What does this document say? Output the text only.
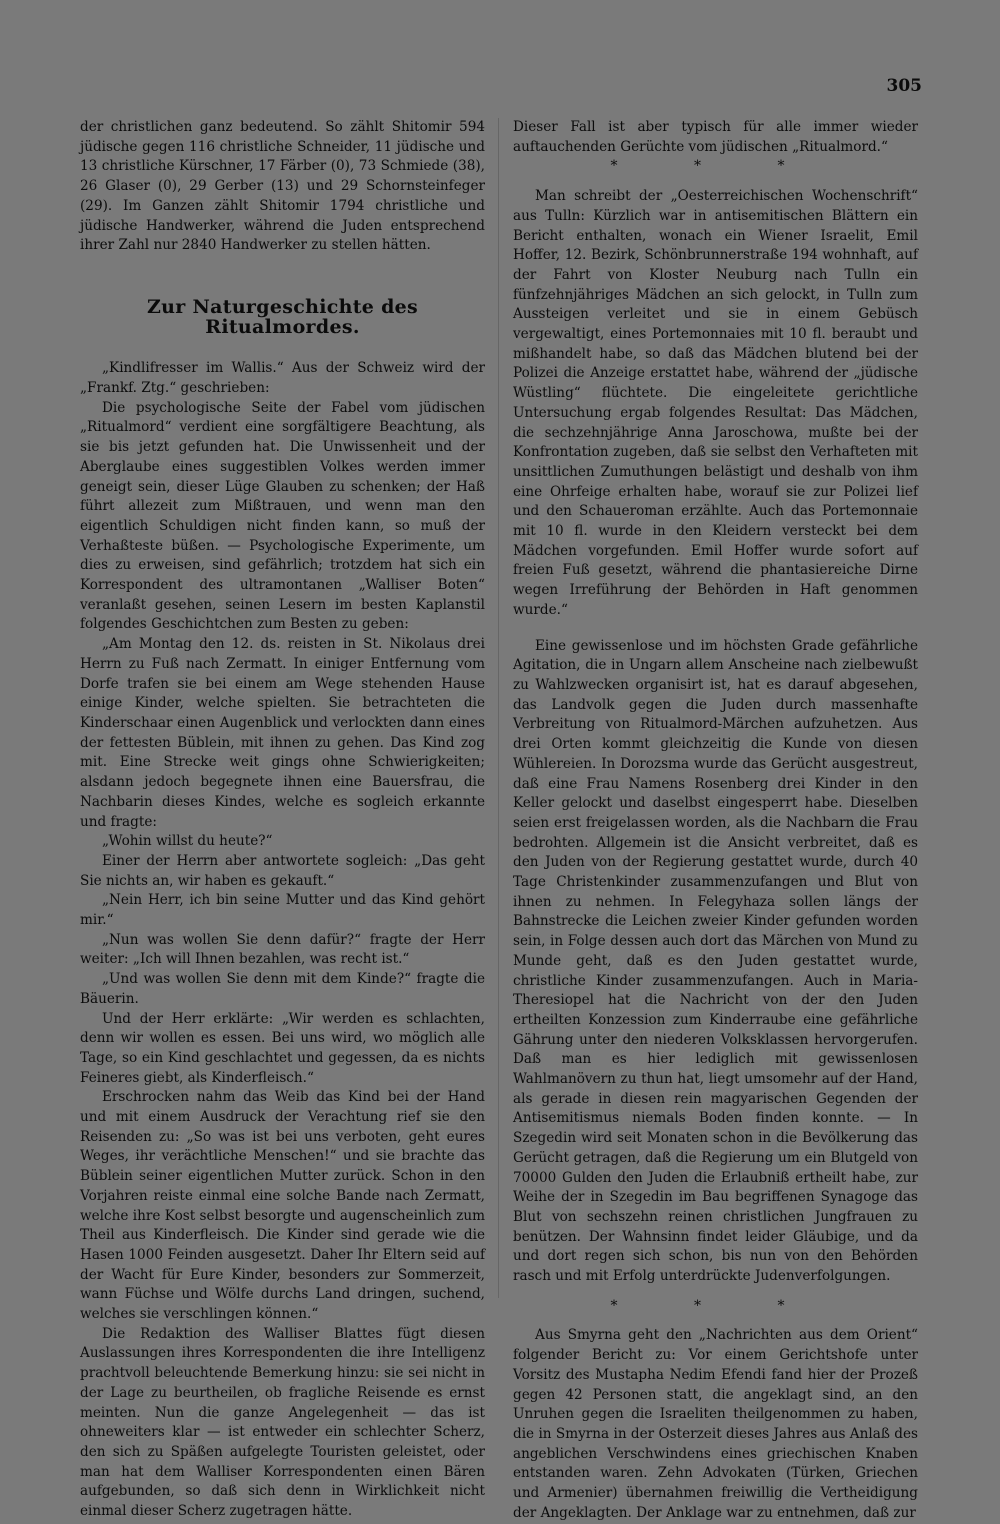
305

der christlichen ganz bedeutend. So zählt Shitomir 594 jüdische gegen 116 christliche Schneider, 11 jüdische und 13 christliche Kürschner, 17 Färber (0), 73 Schmiede (38), 26 Glaser (0), 29 Gerber (13) und 29 Schornsteinfeger (29). Im Ganzen zählt Shitomir 1794 christliche und jüdische Handwerker, während die Juden entsprechend ihrer Zahl nur 2840 Handwerker zu stellen hätten.

Zur Naturgeschichte des Ritualmordes.

„Kindlifresser im Wallis.“ Aus der Schweiz wird der „Frankf. Ztg.“ geschrieben:

Die psychologische Seite der Fabel vom jüdischen „Ritualmord“ verdient eine sorgfältigere Beachtung, als sie bis jetzt gefunden hat. Die Unwissenheit und der Aberglaube eines suggestiblen Volkes werden immer geneigt sein, dieser Lüge Glauben zu schenken; der Haß führt allezeit zum Mißtrauen, und wenn man den eigentlich Schuldigen nicht finden kann, so muß der Verhaßteste büßen. — Psychologische Experimente, um dies zu erweisen, sind gefährlich; trotzdem hat sich ein Korrespondent des ultramontanen „Walliser Boten“ veranlaßt gesehen, seinen Lesern im besten Kaplanstil folgendes Geschichtchen zum Besten zu geben:

„Am Montag den 12. ds. reisten in St. Nikolaus drei Herrn zu Fuß nach Zermatt. In einiger Entfernung vom Dorfe trafen sie bei einem am Wege stehenden Hause einige Kinder, welche spielten. Sie betrachteten die Kinderschaar einen Augenblick und verlockten dann eines der fettesten Büblein, mit ihnen zu gehen. Das Kind zog mit. Eine Strecke weit gings ohne Schwierigkeiten; alsdann jedoch begegnete ihnen eine Bauersfrau, die Nachbarin dieses Kindes, welche es sogleich erkannte und fragte:

„Wohin willst du heute?“

Einer der Herrn aber antwortete sogleich: „Das geht Sie nichts an, wir haben es gekauft.“

„Nein Herr, ich bin seine Mutter und das Kind gehört mir.“

„Nun was wollen Sie denn dafür?“ fragte der Herr weiter: „Ich will Ihnen bezahlen, was recht ist.“

„Und was wollen Sie denn mit dem Kinde?“ fragte die Bäuerin.

Und der Herr erklärte: „Wir werden es schlachten, denn wir wollen es essen. Bei uns wird, wo möglich alle Tage, so ein Kind geschlachtet und gegessen, da es nichts Feineres giebt, als Kinderfleisch.“

Erschrocken nahm das Weib das Kind bei der Hand und mit einem Ausdruck der Verachtung rief sie den Reisenden zu: „So was ist bei uns verboten, geht eures Weges, ihr verächtliche Menschen!“ und sie brachte das Büblein seiner eigentlichen Mutter zurück. Schon in den Vorjahren reiste einmal eine solche Bande nach Zermatt, welche ihre Kost selbst besorgte und augenscheinlich zum Theil aus Kinderfleisch. Die Kinder sind gerade wie die Hasen 1000 Feinden ausgesetzt. Daher Ihr Eltern seid auf der Wacht für Eure Kinder, besonders zur Sommerzeit, wann Füchse und Wölfe durchs Land dringen, suchend, welches sie verschlingen können.“

Die Redaktion des Walliser Blattes fügt diesen Auslassungen ihres Korrespondenten die ihre Intelligenz prachtvoll beleuchtende Bemerkung hinzu: sie sei nicht in der Lage zu beurtheilen, ob fragliche Reisende es ernst meinten. Nun die ganze Angelegenheit — das ist ohneweiters klar — ist entweder ein schlechter Scherz, den sich zu Späßen aufgelegte Touristen geleistet, oder man hat dem Walliser Korrespondenten einen Bären aufgebunden, so daß sich denn in Wirklichkeit nicht einmal dieser Scherz zugetragen hätte.

Dieser Fall ist aber typisch für alle immer wieder auftauchenden Gerüchte vom jüdischen „Ritualmord.“

* * *

Man schreibt der „Oesterreichischen Wochenschrift“ aus Tulln: Kürzlich war in antisemitischen Blättern ein Bericht enthalten, wonach ein Wiener Israelit, Emil Hoffer, 12. Bezirk, Schönbrunnerstraße 194 wohnhaft, auf der Fahrt von Kloster Neuburg nach Tulln ein fünfzehnjähriges Mädchen an sich gelockt, in Tulln zum Aussteigen verleitet und sie in einem Gebüsch vergewaltigt, eines Portemonnaies mit 10 fl. beraubt und mißhandelt habe, so daß das Mädchen blutend bei der Polizei die Anzeige erstattet habe, während der „jüdische Wüstling“ flüchtete. Die eingeleitete gerichtliche Untersuchung ergab folgendes Resultat: Das Mädchen, die sechzehnjährige Anna Jaroschowa, mußte bei der Konfrontation zugeben, daß sie selbst den Verhafteten mit unsittlichen Zumuthungen belästigt und deshalb von ihm eine Ohrfeige erhalten habe, worauf sie zur Polizei lief und den Schaueroman erzählte. Auch das Portemonnaie mit 10 fl. wurde in den Kleidern versteckt bei dem Mädchen vorgefunden. Emil Hoffer wurde sofort auf freien Fuß gesetzt, während die phantasiereiche Dirne wegen Irreführung der Behörden in Haft genommen wurde.“

Eine gewissenlose und im höchsten Grade gefährliche Agitation, die in Ungarn allem Anscheine nach zielbewußt zu Wahlzwecken organisirt ist, hat es darauf abgesehen, das Landvolk gegen die Juden durch massenhafte Verbreitung von Ritualmord-Märchen aufzuhetzen. Aus drei Orten kommt gleichzeitig die Kunde von diesen Wühlereien. In Dorozsma wurde das Gerücht ausgestreut, daß eine Frau Namens Rosenberg drei Kinder in den Keller gelockt und daselbst eingesperrt habe. Dieselben seien erst freigelassen worden, als die Nachbarn die Frau bedrohten. Allgemein ist die Ansicht verbreitet, daß es den Juden von der Regierung gestattet wurde, durch 40 Tage Christenkinder zusammenzufangen und Blut von ihnen zu nehmen. In Felegyhaza sollen längs der Bahnstrecke die Leichen zweier Kinder gefunden worden sein, in Folge dessen auch dort das Märchen von Mund zu Munde geht, daß es den Juden gestattet wurde, christliche Kinder zusammenzufangen. Auch in Maria-Theresiopel hat die Nachricht von der den Juden ertheilten Konzession zum Kinderraube eine gefährliche Gährung unter den niederen Volksklassen hervorgerufen. Daß man es hier lediglich mit gewissenlosen Wahlmanövern zu thun hat, liegt umsomehr auf der Hand, als gerade in diesen rein magyarischen Gegenden der Antisemitismus niemals Boden finden konnte. — In Szegedin wird seit Monaten schon in die Bevölkerung das Gerücht getragen, daß die Regierung um ein Blutgeld von 70000 Gulden den Juden die Erlaubniß ertheilt habe, zur Weihe der in Szegedin im Bau begriffenen Synagoge das Blut von sechszehn reinen christlichen Jungfrauen zu benützen. Der Wahnsinn findet leider Gläubige, und da und dort regen sich schon, bis nun von den Behörden rasch und mit Erfolg unterdrückte Judenverfolgungen.

* * *

Aus Smyrna geht den „Nachrichten aus dem Orient“ folgender Bericht zu: Vor einem Gerichtshofe unter Vorsitz des Mustapha Nedim Efendi fand hier der Prozeß gegen 42 Personen statt, die angeklagt sind, an den Unruhen gegen die Israeliten theilgenommen zu haben, die in Smyrna in der Osterzeit dieses Jahres aus Anlaß des angeblichen Verschwindens eines griechischen Knaben entstanden waren. Zehn Advokaten (Türken, Griechen und Armenier) übernahmen freiwillig die Vertheidigung der Angeklagten. Der Anklage war zu entnehmen, daß zur
